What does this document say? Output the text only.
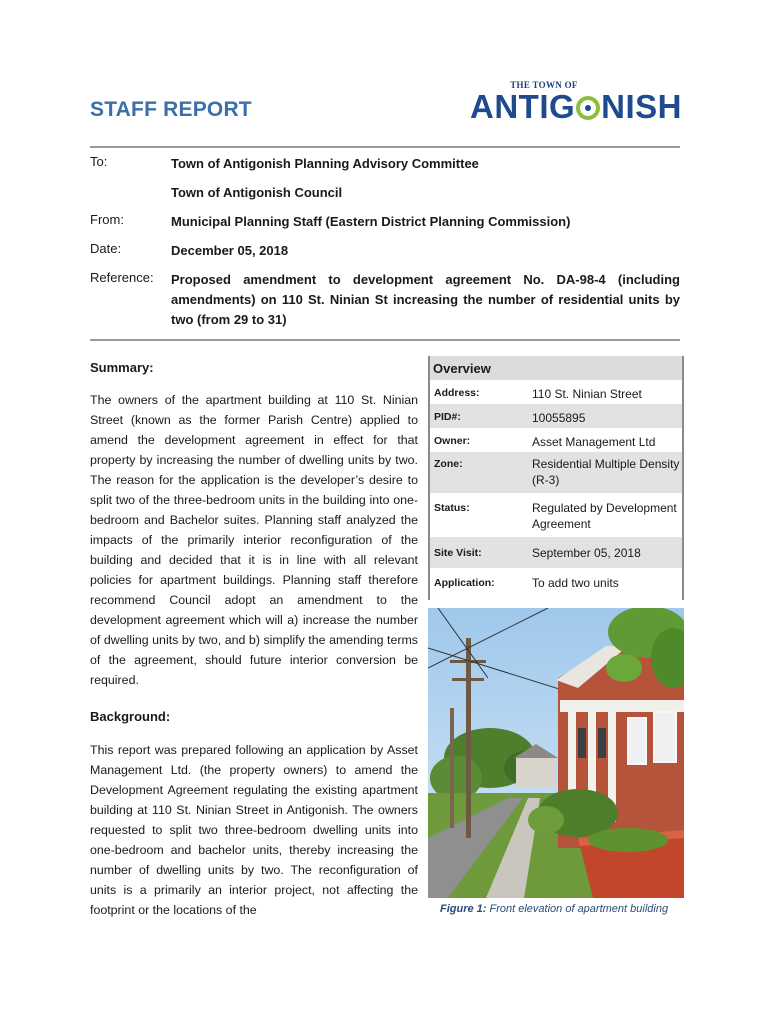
STAFF REPORT
THE TOWN OF
ANTIG NISH
To:	Town of Antigonish Planning Advisory Committee
Town of Antigonish Council
From:	Municipal Planning Staff (Eastern District Planning Commission)
Date:	December 05, 2018
Reference: Proposed amendment to development agreement No. DA-98-4 (including amendments) on 110 St. Ninian St increasing the number of residential units by two (from 29 to 31)
Summary:
The owners of the apartment building at 110 St. Ninian Street (known as the former Parish Centre) applied to amend the development agreement in effect for that property by increasing the number of dwelling units by two. The reason for the application is the developer’s desire to split two of the three-bedroom units in the building into one-bedroom and Bachelor suites. Planning staff analyzed the impacts of the primarily interior reconfiguration of the building and decided that it is in line with all relevant policies for apartment buildings. Planning staff therefore recommend Council adopt an amendment to the development agreement which will a) increase the number of dwelling units by two, and b) simplify the amending terms of the agreement, should future interior conversion be required.
Background:
This report was prepared following an application by Asset Management Ltd. (the property owners) to amend the Development Agreement regulating the existing apartment building at 110 St. Ninian Street in Antigonish. The owners requested to split two three-bedroom dwelling units into one-bedroom and bachelor units, thereby increasing the number of dwelling units by two. The reconfiguration of units is a primarily an interior project, not affecting the footprint or the locations of the
Overview
Address:	110 St. Ninian Street
PID#:	10055895
Owner:	Asset Management Ltd
Zone:	Residential Multiple Density (R-3)
Status:	Regulated by Development Agreement
Site Visit:	September 05, 2018
Application:	To add two units
Figure 1: Front elevation of apartment building
